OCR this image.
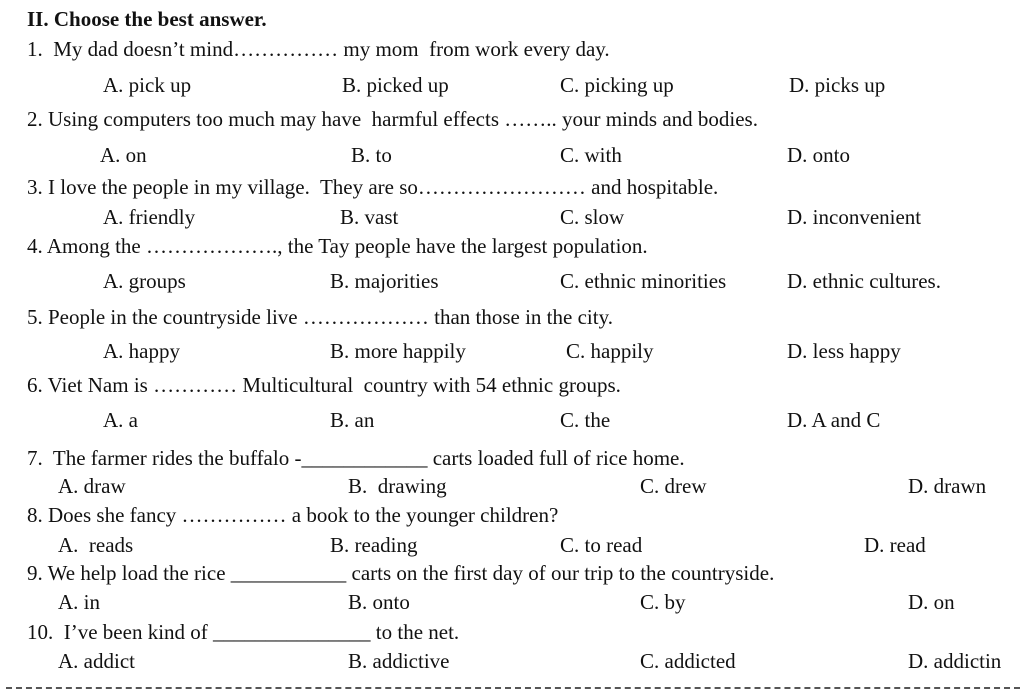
II. Choose the best answer.
1.  My dad doesn’t mind…………… my mom  from work every day.
A. pick up	B. picked up	C. picking up	D. picks up
2. Using computers too much may have  harmful effects …….. your minds and bodies.
A. on	B. to	C. with	D. onto
3. I love the people in my village.  They are so…………………… and hospitable.
A. friendly	B. vast	C. slow	D. inconvenient
4. Among the ………………., the Tay people have the largest population.
A. groups	B. majorities	C. ethnic minorities	D. ethnic cultures.
5. People in the countryside live ……………… than those in the city.
A. happy	B. more happily	C. happily	D. less happy
6. Viet Nam is ………… Multicultural  country with 54 ethnic groups.
A. a	B. an	C. the	D. A and C
7.  The farmer rides the buffalo -____________ carts loaded full of rice home.
A. draw	B.  drawing	C. drew	D. drawn
8. Does she fancy …………… a book to the younger children?
A.  reads	B. reading	C. to read	D. read
9. We help load the rice ___________ carts on the first day of our trip to the countryside.
A. in	B. onto	C. by	D. on
10.  I’ve been kind of _______________ to the net.
A. addict	B. addictive	C. addicted	D. addictin
